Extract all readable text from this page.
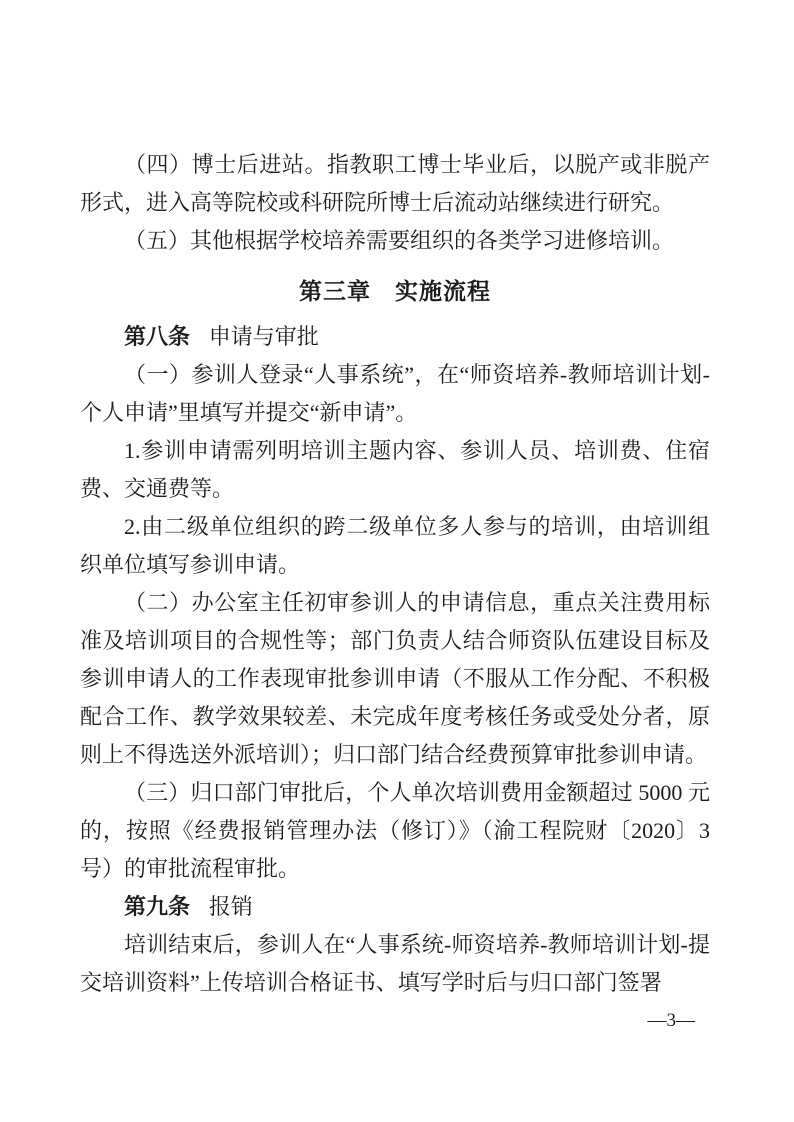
（四）博士后进站。指教职工博士毕业后，以脱产或非脱产形式，进入高等院校或科研院所博士后流动站继续进行研究。

（五）其他根据学校培养需要组织的各类学习进修培训。

第三章　实施流程

第八条 申请与审批

（一）参训人登录“人事系统”，在“师资培养-教师培训计划-个人申请”里填写并提交“新申请”。

1.参训申请需列明培训主题内容、参训人员、培训费、住宿费、交通费等。

2.由二级单位组织的跨二级单位多人参与的培训，由培训组织单位填写参训申请。

（二）办公室主任初审参训人的申请信息，重点关注费用标准及培训项目的合规性等；部门负责人结合师资队伍建设目标及参训申请人的工作表现审批参训申请（不服从工作分配、不积极配合工作、教学效果较差、未完成年度考核任务或受处分者，原则上不得选送外派培训）；归口部门结合经费预算审批参训申请。

（三）归口部门审批后，个人单次培训费用金额超过 5000 元的，按照《经费报销管理办法（修订）》（渝工程院财〔2020〕3 号）的审批流程审批。

第九条 报销

培训结束后，参训人在“人事系统-师资培养-教师培训计划-提交培训资料”上传培训合格证书、填写学时后与归口部门签署

—3—
